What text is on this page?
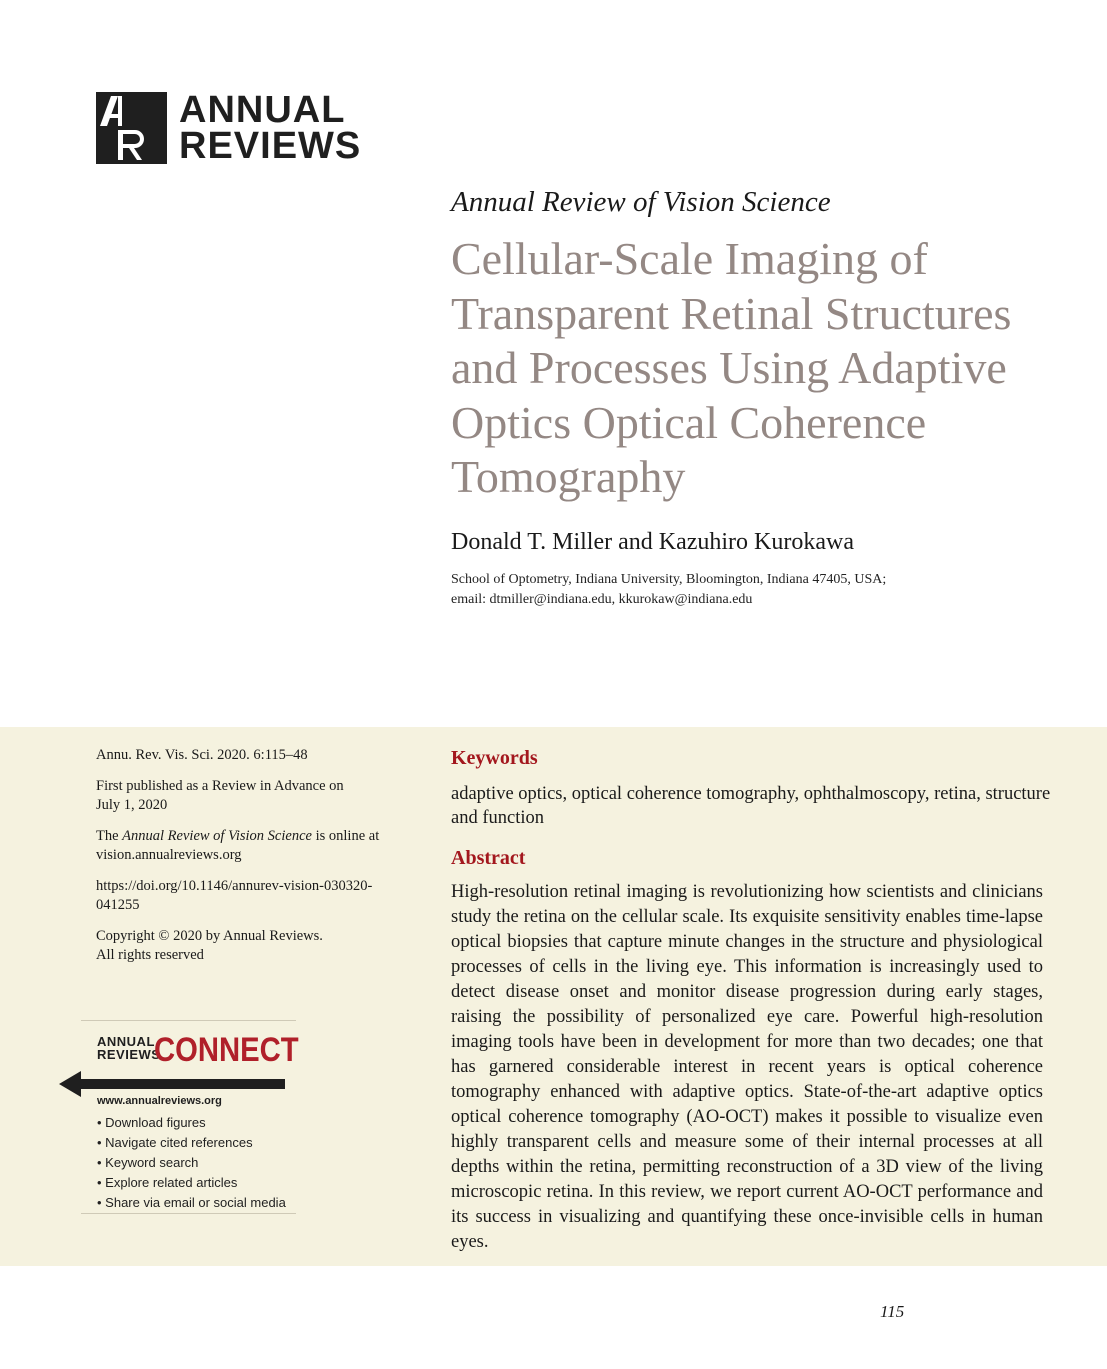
ANNUAL
REVIEWS
Annual Review of Vision Science
Cellular-Scale Imaging of Transparent Retinal Structures and Processes Using Adaptive Optics Optical Coherence Tomography
Donald T. Miller and Kazuhiro Kurokawa
School of Optometry, Indiana University, Bloomington, Indiana 47405, USA;
email: dtmiller@indiana.edu, kkurokaw@indiana.edu

Annu. Rev. Vis. Sci. 2020. 6:115–48

First published as a Review in Advance on
July 1, 2020

The Annual Review of Vision Science is online at
vision.annualreviews.org

https://doi.org/10.1146/annurev-vision-030320-
041255

Copyright © 2020 by Annual Reviews.
All rights reserved

ANNUAL
REVIEWS
CONNECT
www.annualreviews.org
• Download figures
• Navigate cited references
• Keyword search
• Explore related articles
• Share via email or social media
Keywords
adaptive optics, optical coherence tomography, ophthalmoscopy, retina, structure and function
Abstract

High-resolution retinal imaging is revolutionizing how scientists and clinicians study the retina on the cellular scale. Its exquisite sensitivity enables time-lapse optical biopsies that capture minute changes in the structure and physiological processes of cells in the living eye. This information is increasingly used to detect disease onset and monitor disease progression during early stages, raising the possibility of personalized eye care. Powerful high-resolution imaging tools have been in development for more than two decades; one that has garnered considerable interest in recent years is optical coherence tomography enhanced with adaptive optics. State-of-the-art adaptive optics optical coherence tomography (AO-OCT) makes it possible to visualize even highly transparent cells and measure some of their internal processes at all depths within the retina, permitting reconstruction of a 3D view of the living microscopic retina. In this review, we report current AO-OCT performance and its success in visualizing and quantifying these once-invisible cells in human eyes.

115
